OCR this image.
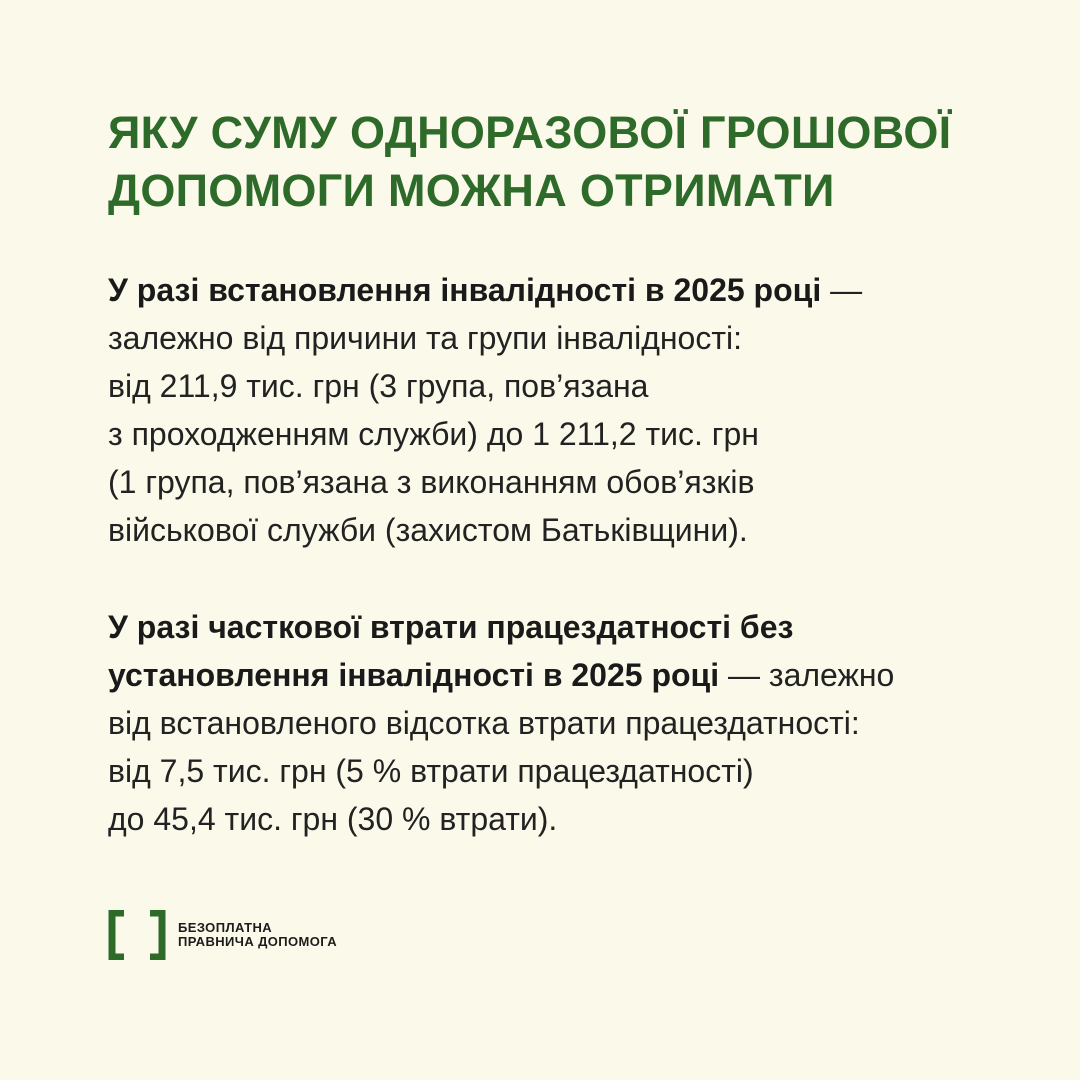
ЯКУ СУМУ ОДНОРАЗОВОЇ ГРОШОВОЇ
ДОПОМОГИ МОЖНА ОТРИМАТИ

У разі встановлення інвалідності в 2025 році —
залежно від причини та групи інвалідності:
від 211,9 тис. грн (3 група, пов’язана
з проходженням служби) до 1 211,2 тис. грн
(1 група, пов’язана з виконанням обов’язків
військової служби (захистом Батьківщини).

У разі часткової втрати працездатності без
установлення інвалідності в 2025 році — залежно
від встановленого відсотка втрати працездатності:
від 7,5 тис. грн (5 % втрати працездатності)
до 45,4 тис. грн (30 % втрати).

БЕЗОПЛАТНА
ПРАВНИЧА ДОПОМОГА
